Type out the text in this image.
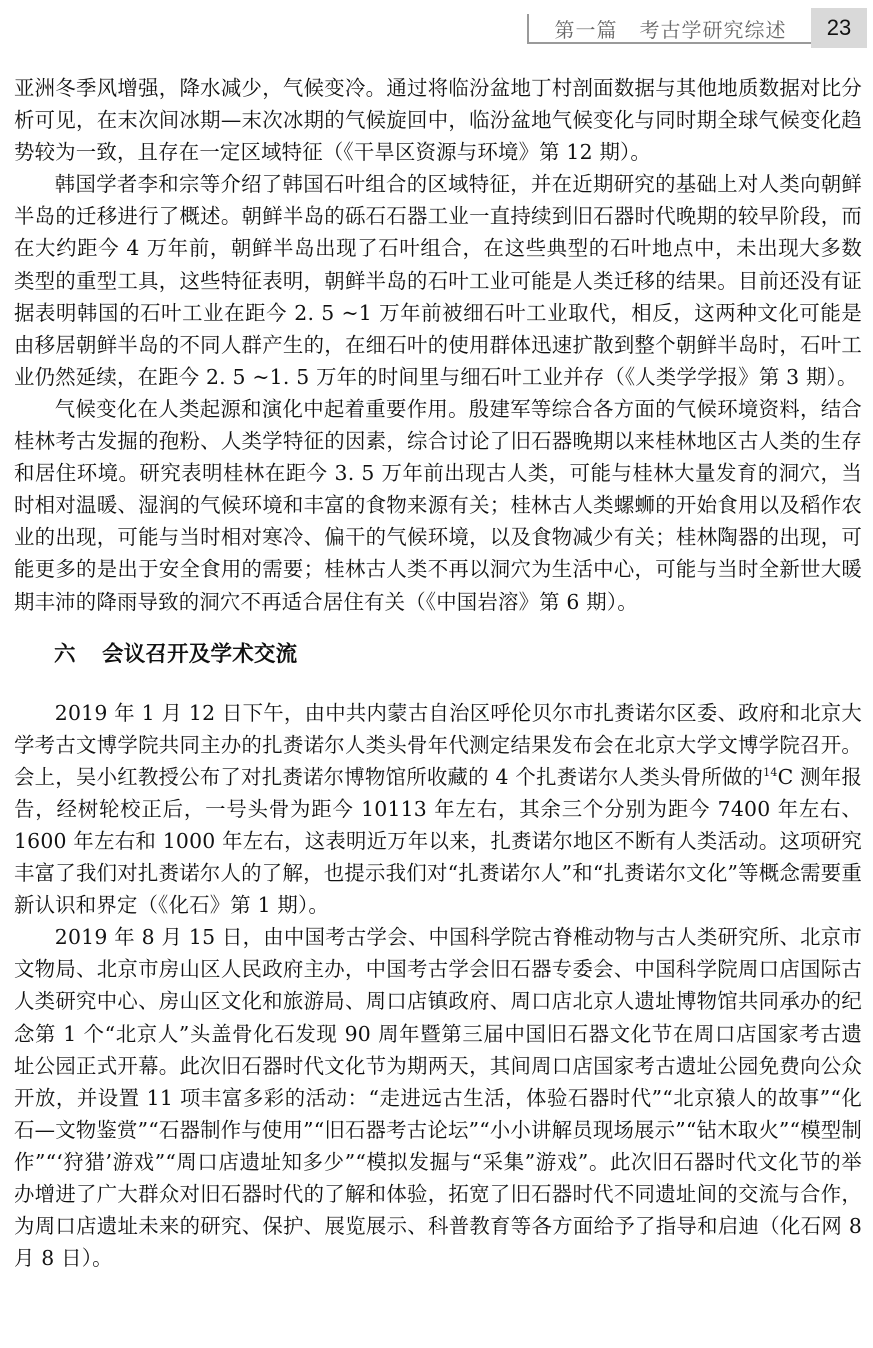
第一篇 考古学研究综述	23

亚洲冬季风增强，降水减少，气候变冷。通过将临汾盆地丁村剖面数据与其他地质数据对比分析可见，在末次间冰期—末次冰期的气候旋回中，临汾盆地气候变化与同时期全球气候变化趋势较为一致，且存在一定区域特征（《干旱区资源与环境》第 12 期）。

韩国学者李和宗等介绍了韩国石叶组合的区域特征，并在近期研究的基础上对人类向朝鲜半岛的迁移进行了概述。朝鲜半岛的砾石石器工业一直持续到旧石器时代晚期的较早阶段，而在大约距今 4 万年前，朝鲜半岛出现了石叶组合，在这些典型的石叶地点中，未出现大多数类型的重型工具，这些特征表明，朝鲜半岛的石叶工业可能是人类迁移的结果。目前还没有证据表明韩国的石叶工业在距今 2. 5 ~1 万年前被细石叶工业取代，相反，这两种文化可能是由移居朝鲜半岛的不同人群产生的，在细石叶的使用群体迅速扩散到整个朝鲜半岛时，石叶工业仍然延续，在距今 2. 5 ~1. 5 万年的时间里与细石叶工业并存（《人类学学报》第 3 期）。

气候变化在人类起源和演化中起着重要作用。殷建军等综合各方面的气候环境资料，结合桂林考古发掘的孢粉、人类学特征的因素，综合讨论了旧石器晚期以来桂林地区古人类的生存和居住环境。研究表明桂林在距今 3. 5 万年前出现古人类，可能与桂林大量发育的洞穴，当时相对温暖、湿润的气候环境和丰富的食物来源有关；桂林古人类螺蛳的开始食用以及稻作农业的出现，可能与当时相对寒冷、偏干的气候环境，以及食物减少有关；桂林陶器的出现，可能更多的是出于安全食用的需要；桂林古人类不再以洞穴为生活中心，可能与当时全新世大暖期丰沛的降雨导致的洞穴不再适合居住有关（《中国岩溶》第 6 期）。

六 会议召开及学术交流

2019 年 1 月 12 日下午，由中共内蒙古自治区呼伦贝尔市扎赉诺尔区委、政府和北京大学考古文博学院共同主办的扎赉诺尔人类头骨年代测定结果发布会在北京大学文博学院召开。会上，吴小红教授公布了对扎赉诺尔博物馆所收藏的 4 个扎赉诺尔人类头骨所做的$^{14}$C 测年报告，经树轮校正后，一号头骨为距今 10113 年左右，其余三个分别为距今 7400 年左右、1600 年左右和 1000 年左右，这表明近万年以来，扎赉诺尔地区不断有人类活动。这项研究丰富了我们对扎赉诺尔人的了解，也提示我们对“扎赉诺尔人”和“扎赉诺尔文化”等概念需要重新认识和界定（《化石》第 1 期）。

2019 年 8 月 15 日，由中国考古学会、中国科学院古脊椎动物与古人类研究所、北京市文物局、北京市房山区人民政府主办，中国考古学会旧石器专委会、中国科学院周口店国际古人类研究中心、房山区文化和旅游局、周口店镇政府、周口店北京人遗址博物馆共同承办的纪念第 1 个“北京人”头盖骨化石发现 90 周年暨第三届中国旧石器文化节在周口店国家考古遗址公园正式开幕。此次旧石器时代文化节为期两天，其间周口店国家考古遗址公园免费向公众开放，并设置 11 项丰富多彩的活动：“走进远古生活，体验石器时代”“北京猿人的故事”“化石—文物鉴赏”“石器制作与使用”“旧石器考古论坛”“小小讲解员现场展示”“钻木取火”“模型制作”“‘狩猎’游戏”“周口店遗址知多少”“模拟发掘与“采集”游戏”。此次旧石器时代文化节的举办增进了广大群众对旧石器时代的了解和体验，拓宽了旧石器时代不同遗址间的交流与合作，为周口店遗址未来的研究、保护、展览展示、科普教育等各方面给予了指导和启迪（化石网 8 月 8 日）。
